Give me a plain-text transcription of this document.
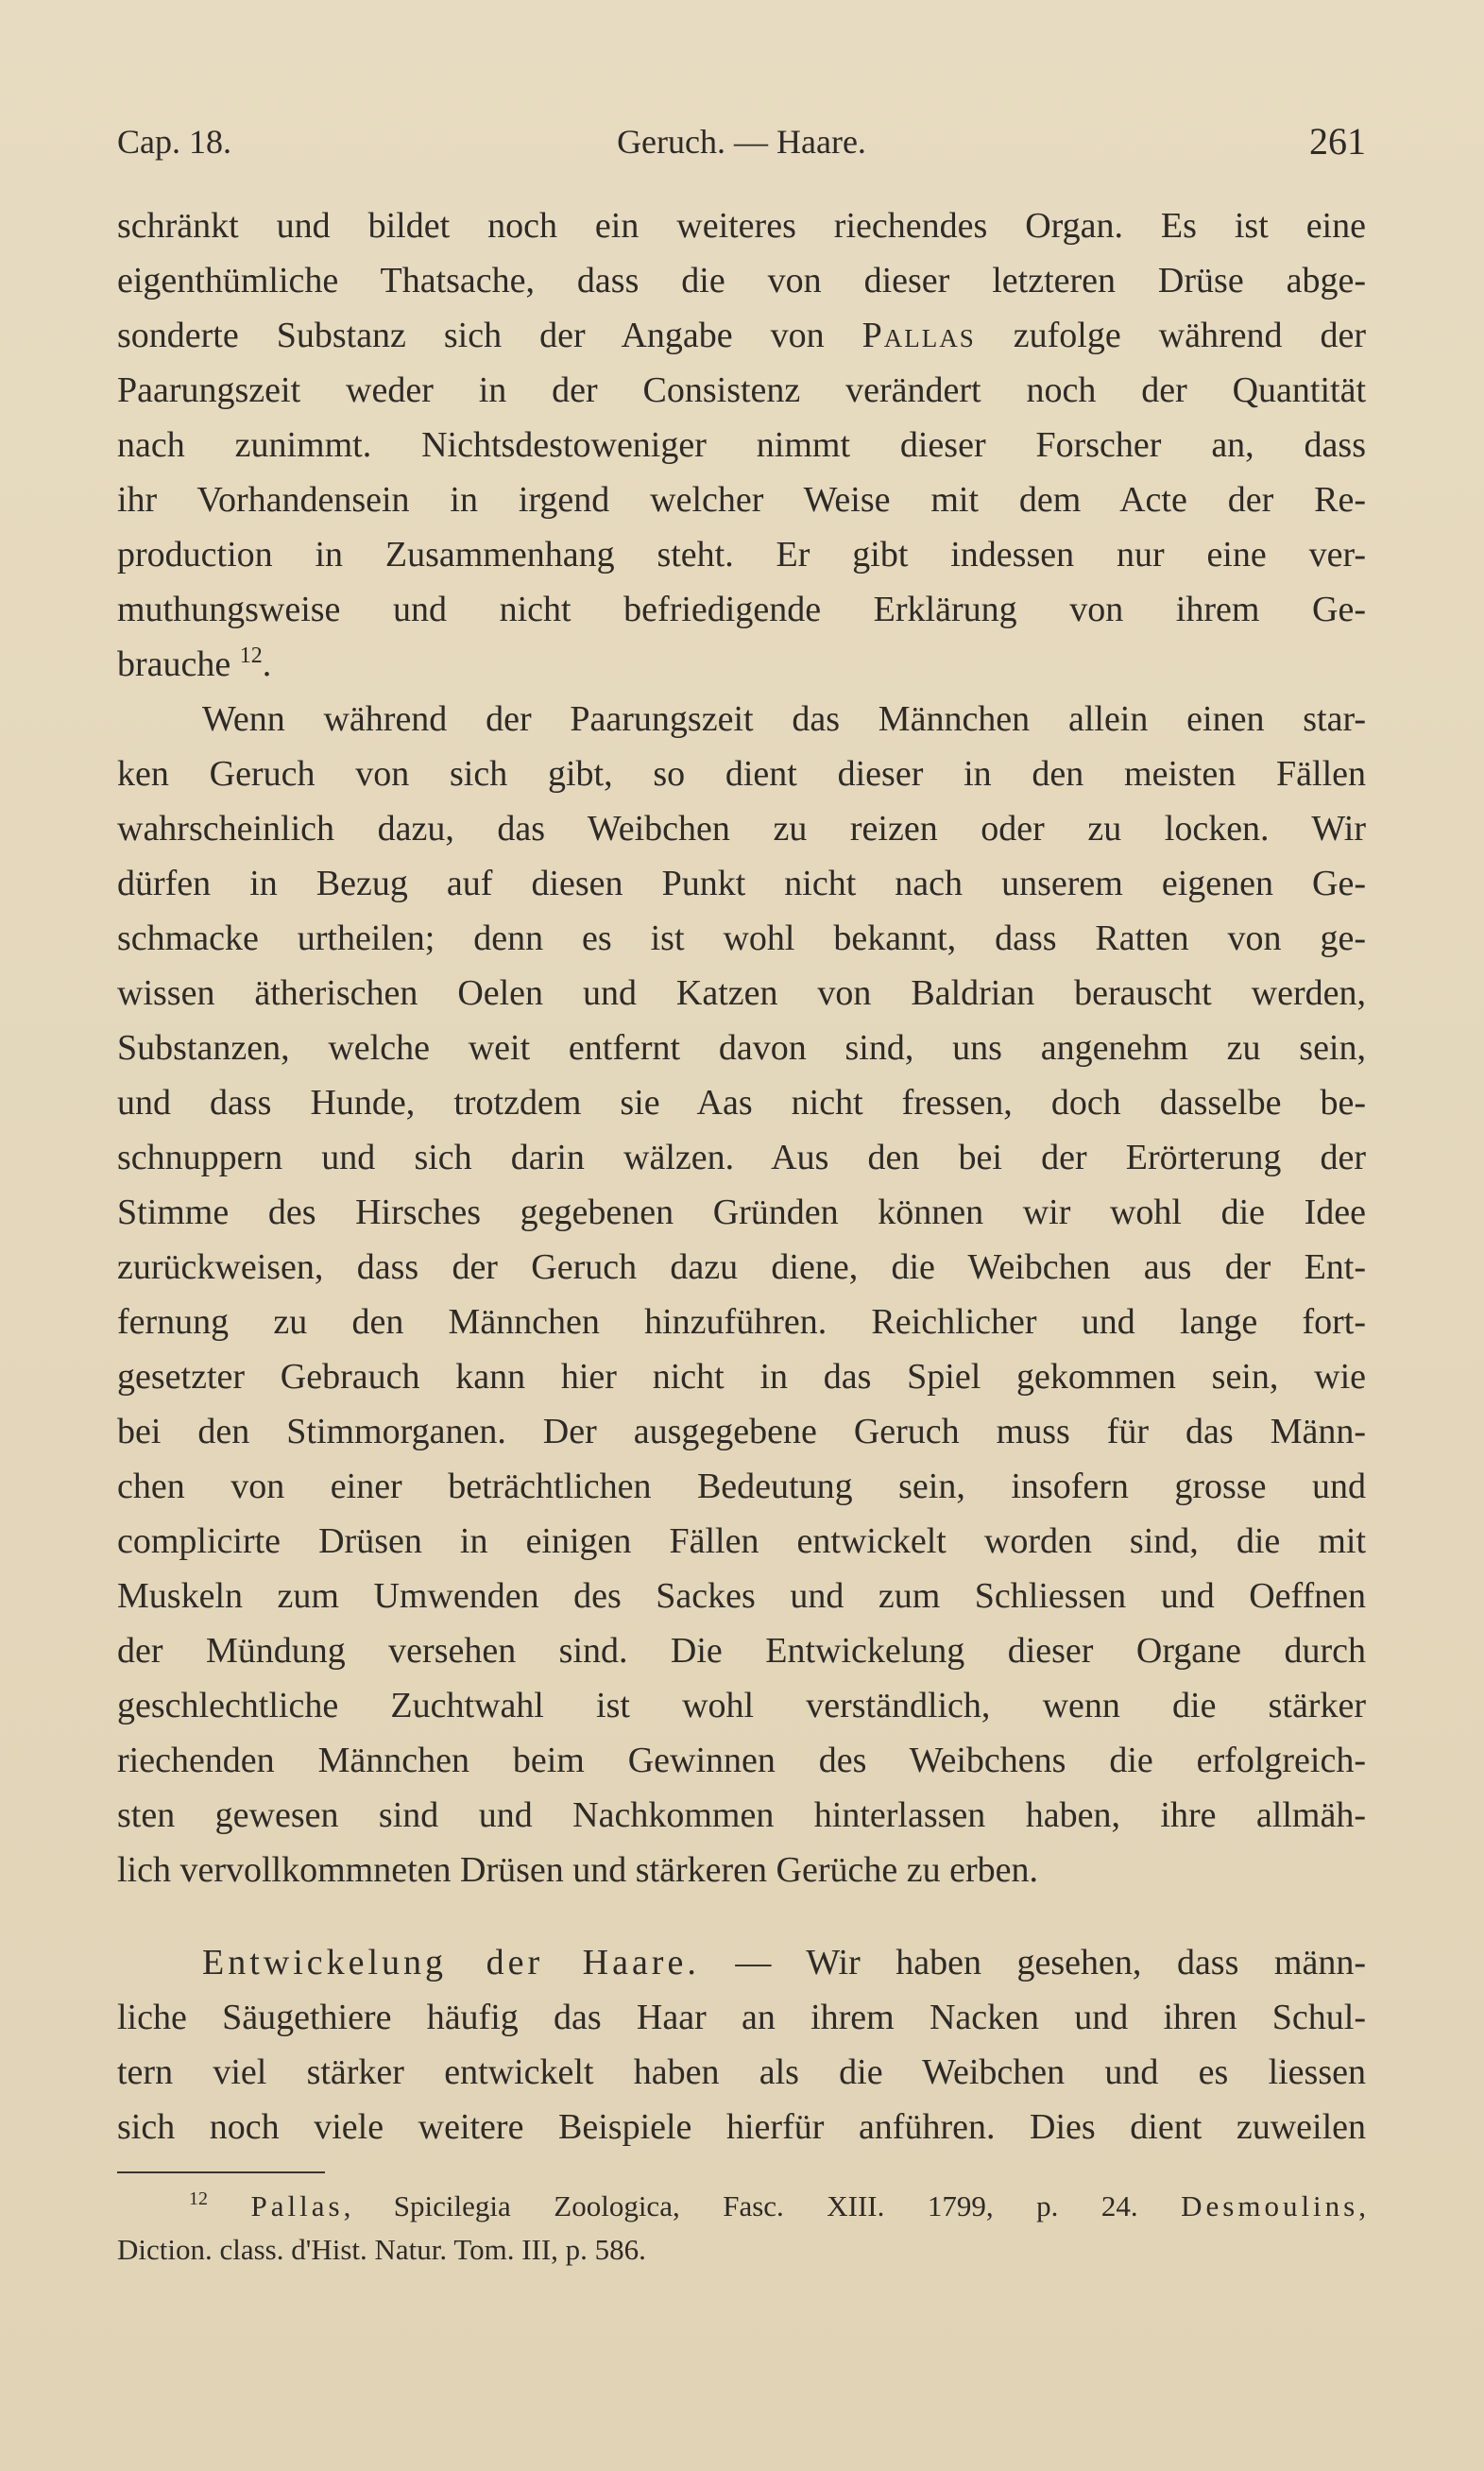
Cap. 18.	Geruch. — Haare.	261
schränkt und bildet noch ein weiteres riechendes Organ. Es ist eine
eigenthümliche Thatsache, dass die von dieser letzteren Drüse abge-
sonderte Substanz sich der Angabe von Pallas zufolge während der
Paarungszeit weder in der Consistenz verändert noch der Quantität
nach zunimmt. Nichtsdestoweniger nimmt dieser Forscher an, dass
ihr Vorhandensein in irgend welcher Weise mit dem Acte der Re-
production in Zusammenhang steht. Er gibt indessen nur eine ver-
muthungsweise und nicht befriedigende Erklärung von ihrem Ge-
brauche $^{12}$.
Wenn während der Paarungszeit das Männchen allein einen star-
ken Geruch von sich gibt, so dient dieser in den meisten Fällen
wahrscheinlich dazu, das Weibchen zu reizen oder zu locken. Wir
dürfen in Bezug auf diesen Punkt nicht nach unserem eigenen Ge-
schmacke urtheilen; denn es ist wohl bekannt, dass Ratten von ge-
wissen ätherischen Oelen und Katzen von Baldrian berauscht werden,
Substanzen, welche weit entfernt davon sind, uns angenehm zu sein,
und dass Hunde, trotzdem sie Aas nicht fressen, doch dasselbe be-
schnuppern und sich darin wälzen. Aus den bei der Erörterung der
Stimme des Hirsches gegebenen Gründen können wir wohl die Idee
zurückweisen, dass der Geruch dazu diene, die Weibchen aus der Ent-
fernung zu den Männchen hinzuführen. Reichlicher und lange fort-
gesetzter Gebrauch kann hier nicht in das Spiel gekommen sein, wie
bei den Stimmorganen. Der ausgegebene Geruch muss für das Männ-
chen von einer beträchtlichen Bedeutung sein, insofern grosse und
complicirte Drüsen in einigen Fällen entwickelt worden sind, die mit
Muskeln zum Umwenden des Sackes und zum Schliessen und Oeffnen
der Mündung versehen sind. Die Entwickelung dieser Organe durch
geschlechtliche Zuchtwahl ist wohl verständlich, wenn die stärker
riechenden Männchen beim Gewinnen des Weibchens die erfolgreich-
sten gewesen sind und Nachkommen hinterlassen haben, ihre allmäh-
lich vervollkommneten Drüsen und stärkeren Gerüche zu erben.
Entwickelung der Haare. — Wir haben gesehen, dass männ-
liche Säugethiere häufig das Haar an ihrem Nacken und ihren Schul-
tern viel stärker entwickelt haben als die Weibchen und es liessen
sich noch viele weitere Beispiele hierfür anführen. Dies dient zuweilen
$^{12}$ Pallas, Spicilegia Zoologica, Fasc. XIII. 1799, p. 24. Desmoulins,
Diction. class. d'Hist. Natur. Tom. III, p. 586.
